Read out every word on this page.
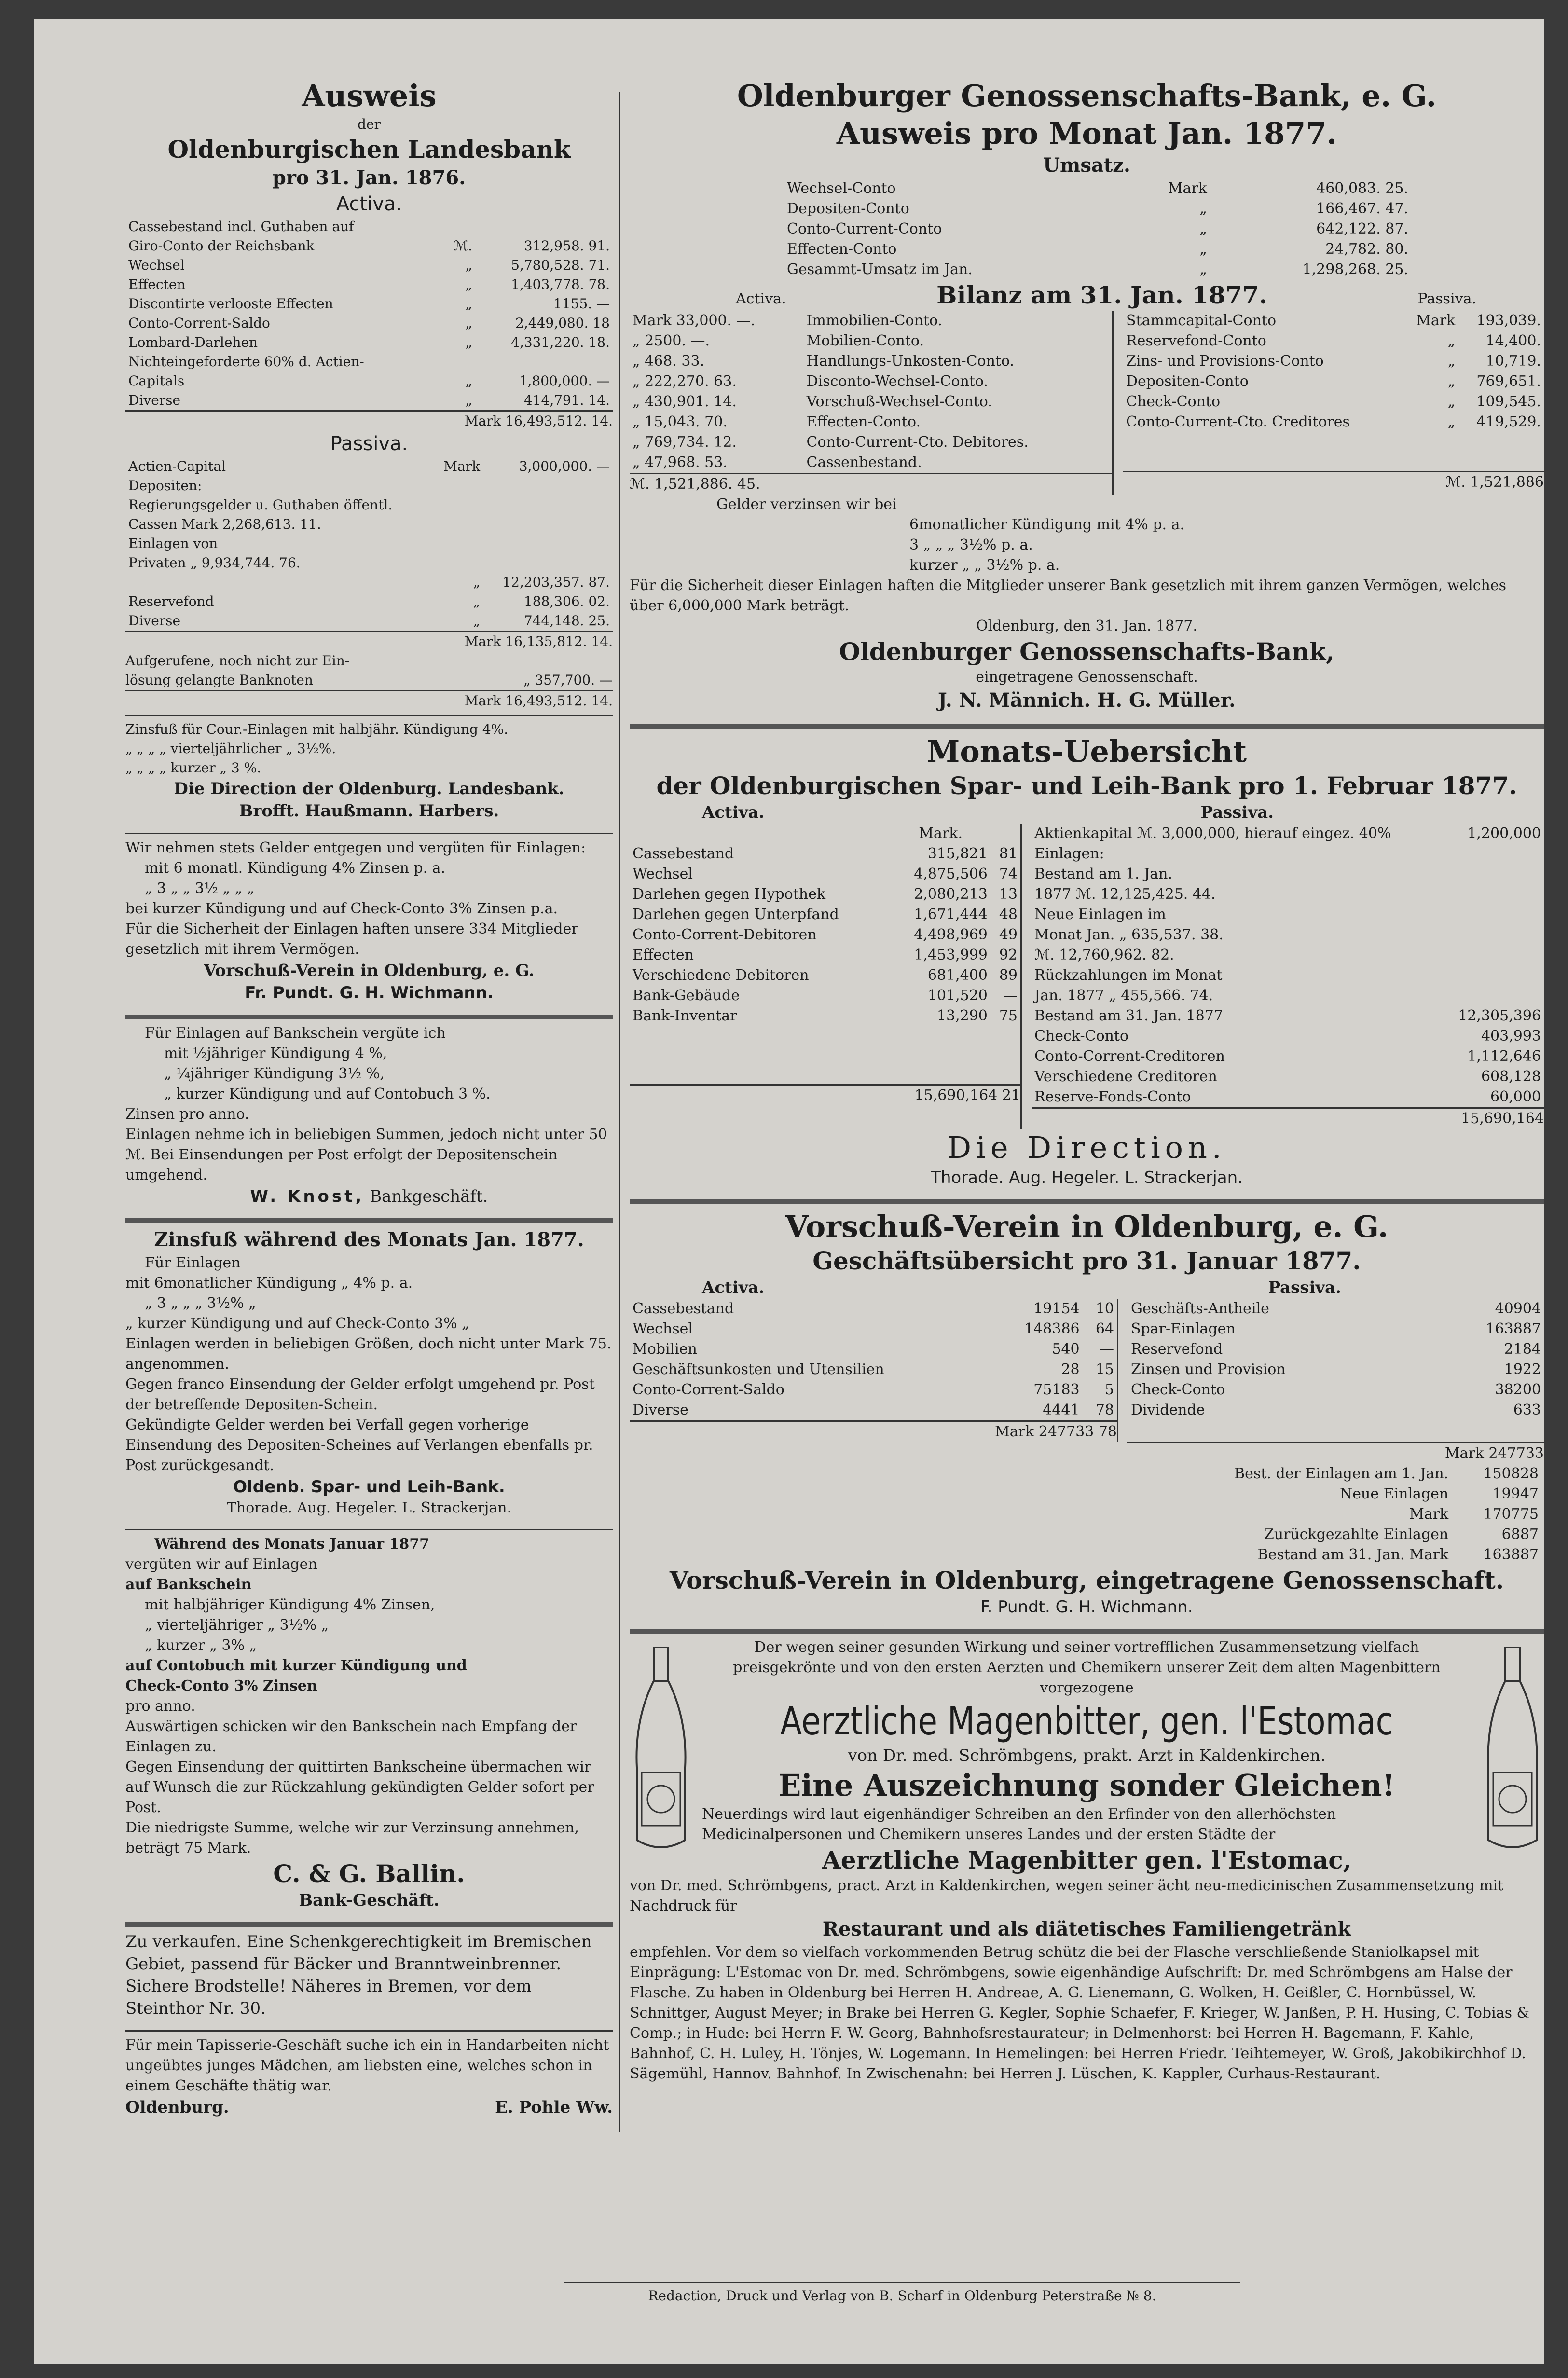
Ausweis
der
Oldenburgischen Landesbank
pro 31. Jan. 1876.
Activa.
Cassebestand incl. Guthaben auf		
Giro-Conto der Reichsbank	ℳ.	312,958. 91.
Wechsel	„	5,780,528. 71.
Effecten	„	1,403,778. 78.
Discontirte verlooste Effecten	„	1155. —
Conto-Corrent-Saldo	„	2,449,080. 18
Lombard-Darlehen	„	4,331,220. 18.
Nichteingeforderte 60% d. Actien-		
Capitals	„	1,800,000. —
Diverse	„	414,791. 14.
Mark 16,493,512. 14.
Passiva.
Actien-Capital	Mark	3,000,000. —
Depositen:		
Regierungsgelder u. Guthaben öffentl.		
Cassen Mark 2,268,613. 11.		
Einlagen von		
Privaten „ 9,934,744. 76.		
	„	12,203,357. 87.
Reservefond	„	188,306. 02.
Diverse	„	744,148. 25.
Mark 16,135,812. 14.

Aufgerufene, noch nicht zur Ein-

lösung gelangte Banknoten	„ 357,700. —
Mark 16,493,512. 14.

Zinsfuß für Cour.-Einlagen mit halbjähr. Kündigung 4%.

„ „ „ „ vierteljährlicher „ 3½%.

„ „ „ „ kurzer „ 3 %.

Die Direction der Oldenburg. Landesbank.
Brofft. Haußmann. Harbers.

Wir nehmen stets Gelder entgegen und vergüten für Einlagen:

mit 6 monatl. Kündigung 4% Zinsen p. a.

„ 3 „ „ 3½ „ „ „

bei kurzer Kündigung und auf Check-Conto 3% Zinsen p.a.

Für die Sicherheit der Einlagen haften unsere 334 Mitglieder gesetzlich mit ihrem Vermögen.

Vorschuß-Verein in Oldenburg, e. G.
Fr. Pundt. G. H. Wichmann.

Für Einlagen auf Bankschein vergüte ich

mit ½jähriger Kündigung 4 %,

„ ¼jähriger Kündigung 3½ %,

„ kurzer Kündigung und auf Contobuch 3 %.

Zinsen pro anno.

Einlagen nehme ich in beliebigen Summen, jedoch nicht unter 50 ℳ. Bei Einsendungen per Post erfolgt der Depositenschein umgehend.

W. Knost, Bankgeschäft.
Zinsfuß während des Monats Jan. 1877.

Für Einlagen

mit 6monatlicher Kündigung „ 4% p. a.

„ 3 „ „ „ 3½% „

„ kurzer Kündigung und auf Check-Conto 3% „

Einlagen werden in beliebigen Größen, doch nicht unter Mark 75. angenommen.

Gegen franco Einsendung der Gelder erfolgt umgehend pr. Post der betreffende Depositen-Schein.

Gekündigte Gelder werden bei Verfall gegen vorherige Einsendung des Depositen-Scheines auf Verlangen ebenfalls pr. Post zurückgesandt.

Oldenb. Spar- und Leih-Bank.
Thorade. Aug. Hegeler. L. Strackerjan.

Während des Monats Januar 1877

vergüten wir auf Einlagen

auf Bankschein

mit halbjähriger Kündigung 4% Zinsen,

„ vierteljähriger „ 3½% „

„ kurzer „ 3% „

auf Contobuch mit kurzer Kündigung und

Check-Conto 3% Zinsen

pro anno.

Auswärtigen schicken wir den Bankschein nach Empfang der Einlagen zu.

Gegen Einsendung der quittirten Bankscheine übermachen wir auf Wunsch die zur Rückzahlung gekündigten Gelder sofort per Post.

Die niedrigste Summe, welche wir zur Verzinsung annehmen, beträgt 75 Mark.

C. & G. Ballin.
Bank-Geschäft.

Zu verkaufen. Eine Schenkgerechtigkeit im Bremischen Gebiet, passend für Bäcker und Branntweinbrenner. Sichere Brodstelle! Näheres in Bremen, vor dem Steinthor Nr. 30.

Für mein Tapisserie-Geschäft suche ich ein in Handarbeiten nicht ungeübtes junges Mädchen, am liebsten eine, welches schon in einem Geschäfte thätig war.

Oldenburg.	E. Pohle Ww.
Oldenburger Genossenschafts-Bank, e. G.
Ausweis pro Monat Jan. 1877.
Umsatz.
Wechsel-Conto	Mark	460,083. 25.
Depositen-Conto	„	166,467. 47.
Conto-Current-Conto	„	642,122. 87.
Effecten-Conto	„	24,782. 80.
Gesammt-Umsatz im Jan.	„	1,298,268. 25.
Activa.	Bilanz am 31. Jan. 1877.	Passiva.
Mark 33,000. —.	Immobilien-Conto.
„ 2500. —.	Mobilien-Conto.
„ 468. 33.	Handlungs-Unkosten-Conto.
„ 222,270. 63.	Disconto-Wechsel-Conto.
„ 430,901. 14.	Vorschuß-Wechsel-Conto.
„ 15,043. 70.	Effecten-Conto.
„ 769,734. 12.	Conto-Current-Cto. Debitores.
„ 47,968. 53.	Cassenbestand.
ℳ. 1,521,886. 45.
Stammcapital-Conto	Mark	193,039.
Reservefond-Conto	„	14,400.
Zins- und Provisions-Conto	„	10,719.
Depositen-Conto	„	769,651.
Check-Conto	„	109,545.
Conto-Current-Cto. Creditores	„	419,529.
ℳ. 1,521,886

Gelder verzinsen wir bei

6monatlicher Kündigung mit 4% p. a.

3 „ „ „ 3½% p. a.

kurzer „ „ 3½% p. a.

Für die Sicherheit dieser Einlagen haften die Mitglieder unserer Bank gesetzlich mit ihrem ganzen Vermögen, welches über 6,000,000 Mark beträgt.

Oldenburg, den 31. Jan. 1877.
Oldenburger Genossenschafts-Bank,
eingetragene Genossenschaft.
J. N. Männich. H. G. Müller.
Monats-Uebersicht
der Oldenburgischen Spar- und Leih-Bank pro 1. Februar 1877.
Activa.	Passiva.
Mark.
Cassebestand	315,821	81
Wechsel	4,875,506	74
Darlehen gegen Hypothek	2,080,213	13
Darlehen gegen Unterpfand	1,671,444	48
Conto-Corrent-Debitoren	4,498,969	49
Effecten	1,453,999	92
Verschiedene Debitoren	681,400	89
Bank-Gebäude	101,520	—
Bank-Inventar	13,290	75
15,690,164 21
Aktienkapital ℳ. 3,000,000, hierauf eingez. 40%	1,200,000
Einlagen:	
Bestand am 1. Jan.	
1877 ℳ. 12,125,425. 44.	
Neue Einlagen im	
Monat Jan. „ 635,537. 38.	
ℳ. 12,760,962. 82.	
Rückzahlungen im Monat	
Jan. 1877 „ 455,566. 74.	
Bestand am 31. Jan. 1877	12,305,396
Check-Conto	403,993
Conto-Corrent-Creditoren	1,112,646
Verschiedene Creditoren	608,128
Reserve-Fonds-Conto	60,000
15,690,164
Die Direction.
Thorade. Aug. Hegeler. L. Strackerjan.
Vorschuß-Verein in Oldenburg, e. G.
Geschäftsübersicht pro 31. Januar 1877.
Activa.	Passiva.
Cassebestand	19154	10
Wechsel	148386	64
Mobilien	540	—
Geschäftsunkosten und Utensilien	28	15
Conto-Corrent-Saldo	75183	5
Diverse	4441	78
Mark 247733 78
Geschäfts-Antheile	40904
Spar-Einlagen	163887
Reservefond	2184
Zinsen und Provision	1922
Check-Conto	38200
Dividende	633
Mark 247733
Best. der Einlagen am 1. Jan.	150828
Neue Einlagen	19947
Mark	170775
Zurückgezahlte Einlagen	6887
Bestand am 31. Jan. Mark	163887
Vorschuß-Verein in Oldenburg, eingetragene Genossenschaft.
F. Pundt. G. H. Wichmann.

Der wegen seiner gesunden Wirkung und seiner vortrefflichen Zusammensetzung vielfach preisgekrönte und von den ersten Aerzten und Chemikern unserer Zeit dem alten Magenbittern vorgezogene

Aerztliche Magenbitter, gen. l'Estomac
von Dr. med. Schrömbgens, prakt. Arzt in Kaldenkirchen.
Eine Auszeichnung sonder Gleichen!

Neuerdings wird laut eigenhändiger Schreiben an den Erfinder von den allerhöchsten Medicinalpersonen und Chemikern unseres Landes und der ersten Städte der

Aerztliche Magenbitter gen. l'Estomac,

von Dr. med. Schrömbgens, pract. Arzt in Kaldenkirchen, wegen seiner ächt neu-medicinischen Zusammensetzung mit Nachdruck für

Restaurant und als diätetisches Familiengetränk

empfehlen. Vor dem so vielfach vorkommenden Betrug schütz die bei der Flasche verschließende Staniolkapsel mit Einprägung: L'Estomac von Dr. med. Schrömbgens, sowie eigenhändige Aufschrift: Dr. med Schrömbgens am Halse der Flasche. Zu haben in Oldenburg bei Herren H. Andreae, A. G. Lienemann, G. Wolken, H. Geißler, C. Hornbüssel, W. Schnittger, August Meyer; in Brake bei Herren G. Kegler, Sophie Schaefer, F. Krieger, W. Janßen, P. H. Husing, C. Tobias & Comp.; in Hude: bei Herrn F. W. Georg, Bahnhofsrestaurateur; in Delmenhorst: bei Herren H. Bagemann, F. Kahle, Bahnhof, C. H. Luley, H. Tönjes, W. Logemann. In Hemelingen: bei Herren Friedr. Teihtemeyer, W. Groß, Jakobikirchhof D. Sägemühl, Hannov. Bahnhof. In Zwischenahn: bei Herren J. Lüschen, K. Kappler, Curhaus-Restaurant.

Redaction, Druck und Verlag von B. Scharf in Oldenburg Peterstraße № 8.
